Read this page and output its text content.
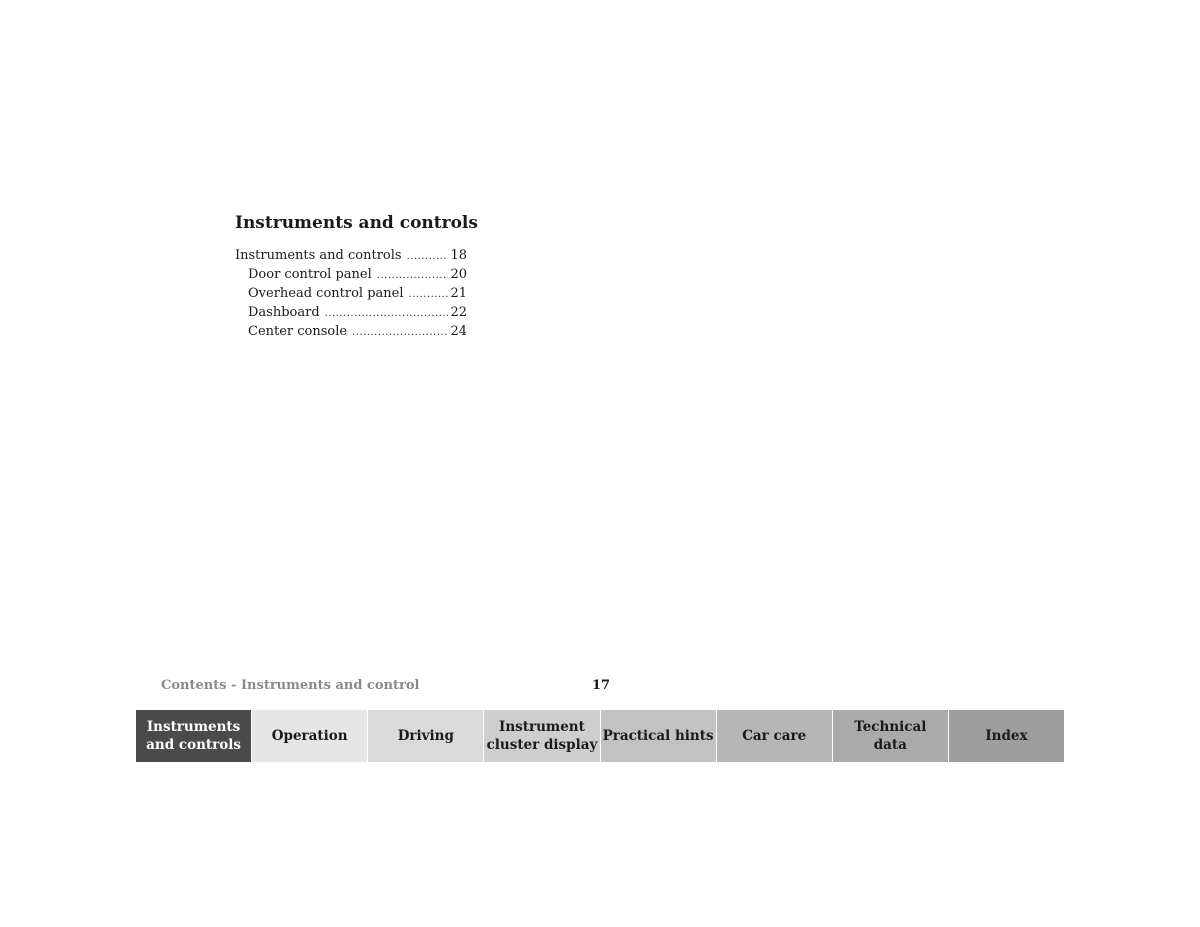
Instruments and controls
Instruments and controls .....	18
Door control panel .....	20
Overhead control panel .....	21
Dashboard .....	22
Center console .....	24
Contents - Instruments and control	17
Instruments
and controls
Operation	Driving
Instrument
cluster display
Practical hints	Car care
Technical
data
Index
